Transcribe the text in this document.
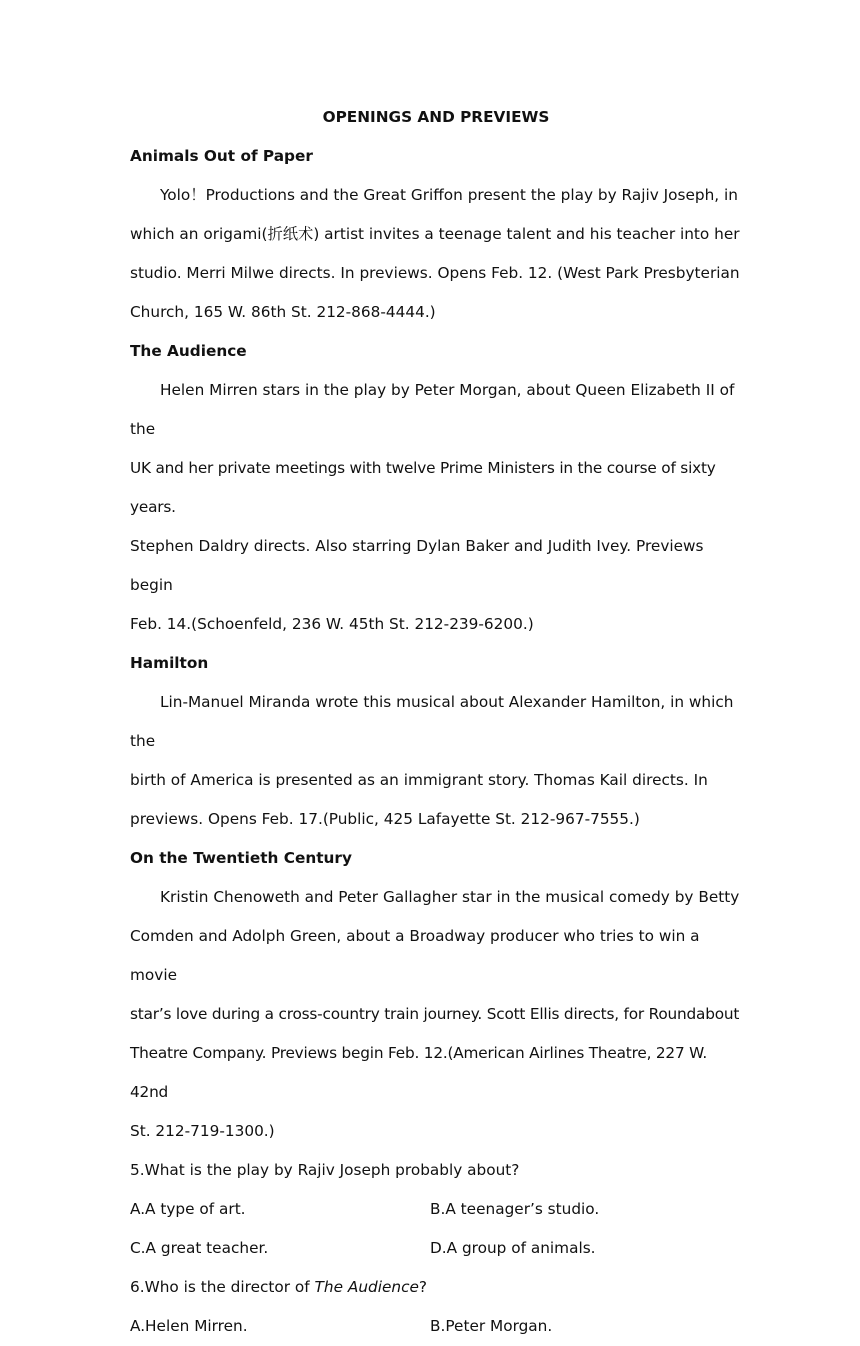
OPENINGS AND PREVIEWS

Animals Out of Paper

Yolo！Productions and the Great Griffon present the play by Rajiv Joseph, in
which an origami(折纸术) artist invites a teenage talent and his teacher into her
studio. Merri Milwe directs. In previews. Opens Feb. 12. (West Park Presbyterian
Church, 165 W. 86th St. 212-868-4444.)

The Audience

Helen Mirren stars in the play by Peter Morgan, about Queen Elizabeth II of the
UK and her private meetings with twelve Prime Ministers in the course of sixty years.
Stephen Daldry directs. Also starring Dylan Baker and Judith Ivey. Previews begin
Feb. 14.(Schoenfeld, 236 W. 45th St. 212-239-6200.)

Hamilton

Lin-Manuel Miranda wrote this musical about Alexander Hamilton, in which the
birth of America is presented as an immigrant story. Thomas Kail directs. In
previews. Opens Feb. 17.(Public, 425 Lafayette St. 212-967-7555.)

On the Twentieth Century

Kristin Chenoweth and Peter Gallagher star in the musical comedy by Betty
Comden and Adolph Green, about a Broadway producer who tries to win a movie
star’s love during a cross-country train journey. Scott Ellis directs, for Roundabout
Theatre Company. Previews begin Feb. 12.(American Airlines Theatre, 227 W. 42nd
St. 212-719-1300.)

5.What is the play by Rajiv Joseph probably about?

A.A type of art.	B.A teenager’s studio.
C.A great teacher.	D.A group of animals.

6.Who is the director of The Audience?

A.Helen Mirren.	B.Peter Morgan.
